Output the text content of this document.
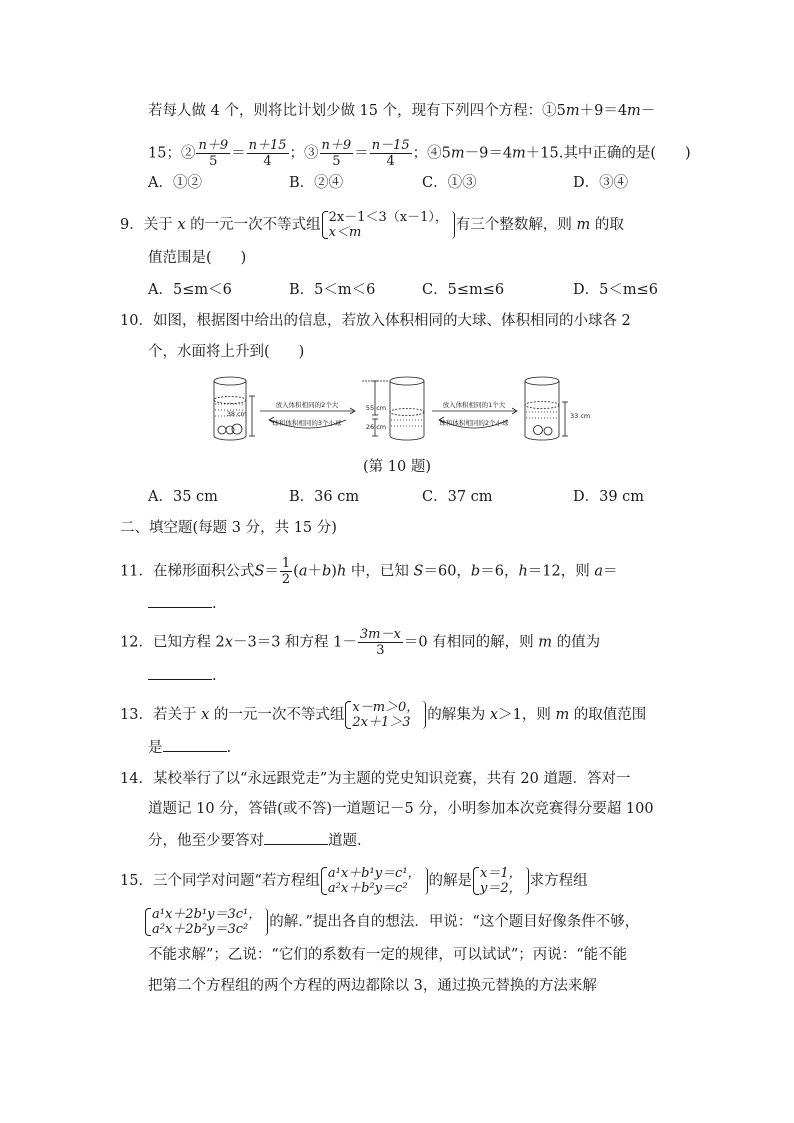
若每人做 4 个，则将比计划少做 15 个，现有下列四个方程：①5m＋9＝4m－
15；② $\frac{n+9}{5} = \frac{n+15}{4}$ ；③ $\frac{n+9}{5} = \frac{n-15}{4}$ ；④5m－9＝4m＋15.其中正确的是(　　)
A．①②	B．②④	C．①③	D．③④
9．关于 x 的一元一次不等式组 2x－1＜3（x－1），
x＜m	有三个整数解，则 m 的取
值范围是(　　)
A．5≤m＜6	B．5＜m＜6	C．5≤m≤6	D．5＜m≤6
10．如图，根据图中给出的信息，若放入体积相同的大球、体积相同的小球各 2
个，水面将上升到(　　)
38 cm
放入体积相同的2个大
球和体积相同的3个小球
55 cm
26 cm
放入体积相同的1个大
球和体积相同的2个小球
33 cm
(第 10 题)
A．35 cm	B．36 cm	C．37 cm	D．39 cm
二、填空题(每题 3 分，共 15 分)
11．在梯形面积公式$S= \frac{1}{2} (a+b)h$ 中，已知 S＝60，b＝6，h＝12，则 a＝
.
12．已知方程 2x－3＝3 和方程 $1- \frac{3m-x}{3} =0$ 有相同的解，则 m 的值为
.
13．若关于 x 的一元一次不等式组 x－m＞0，
2x＋1＞3	的解集为 x＞1，则 m 的取值范围
是	.
14．某校举行了以“永远跟党走”为主题的党史知识竞赛，共有 20 道题．答对一
道题记 10 分，答错(或不答)一道题记－5 分，小明参加本次竞赛得分要超 100
分，他至少要答对	道题.
15．三个同学对问题“若方程组 a¹x＋b¹y＝c¹，
a²x＋b²y＝c²	的解是 x＝1，
y＝2， 求方程组
a¹x＋2b¹y＝3c¹，
a²x＋2b²y＝3c²	的解．”提出各自的想法．甲说：“这个题目好像条件不够，
不能求解”；乙说：“它们的系数有一定的规律，可以试试”；丙说：“能不能
把第二个方程组的两个方程的两边都除以 3，通过换元替换的方法来解
